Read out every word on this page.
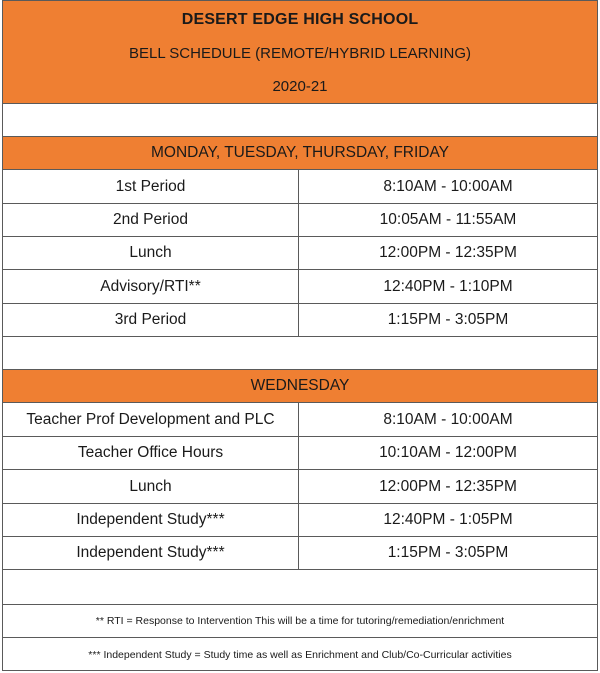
DESERT EDGE HIGH SCHOOL
BELL SCHEDULE (REMOTE/HYBRID LEARNING)
2020-21
MONDAY, TUESDAY, THURSDAY, FRIDAY
1st Period	8:10AM - 10:00AM
2nd Period	10:05AM - 11:55AM
Lunch	12:00PM - 12:35PM
Advisory/RTI**	12:40PM - 1:10PM
3rd Period	1:15PM - 3:05PM
WEDNESDAY
Teacher Prof Development and PLC	8:10AM - 10:00AM
Teacher Office Hours	10:10AM - 12:00PM
Lunch	12:00PM - 12:35PM
Independent Study***	12:40PM - 1:05PM
Independent Study***	1:15PM - 3:05PM
** RTI = Response to Intervention This will be a time for tutoring/remediation/enrichment
*** Independent Study = Study time as well as Enrichment and Club/Co-Curricular activities
